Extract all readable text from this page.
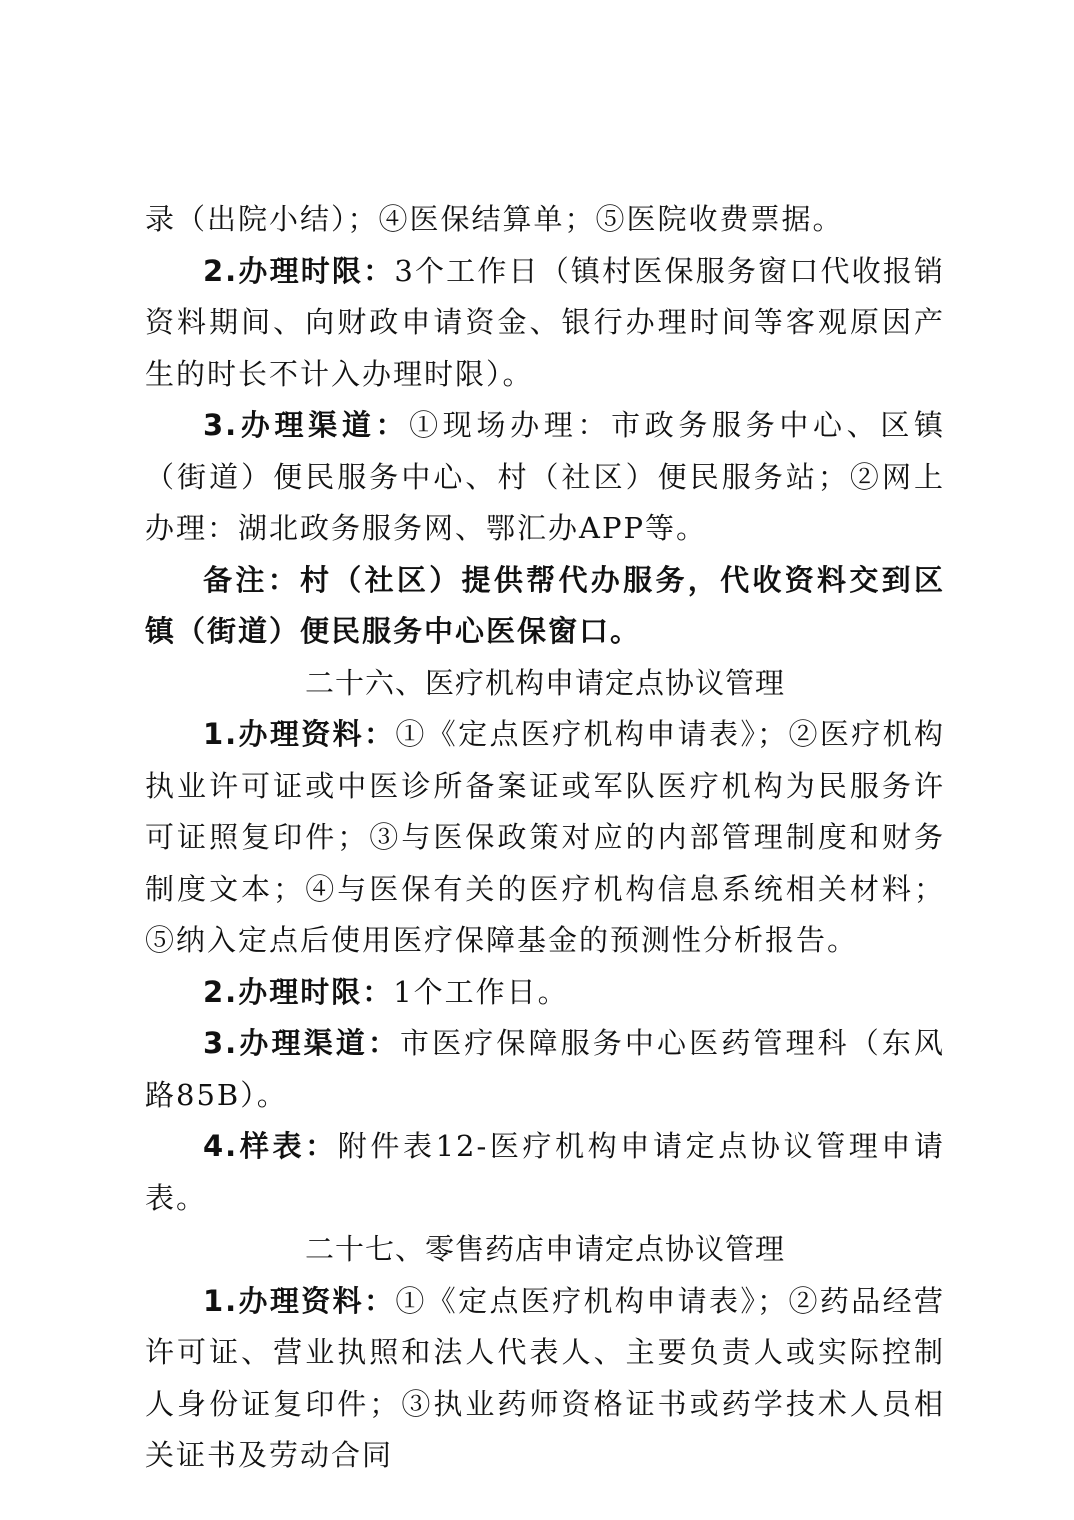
录（出院小结）；④医保结算单；⑤医院收费票据。

2.办理时限：3个工作日（镇村医保服务窗口代收报销资料期间、向财政申请资金、银行办理时间等客观原因产生的时长不计入办理时限）。

3.办理渠道：①现场办理：市政务服务中心、区镇（街道）便民服务中心、村（社区）便民服务站；②网上办理：湖北政务服务网、鄂汇办APP等。

备注：村（社区）提供帮代办服务，代收资料交到区镇（街道）便民服务中心医保窗口。

二十六、医疗机构申请定点协议管理

1.办理资料：①《定点医疗机构申请表》；②医疗机构执业许可证或中医诊所备案证或军队医疗机构为民服务许可证照复印件；③与医保政策对应的内部管理制度和财务制度文本；④与医保有关的医疗机构信息系统相关材料；⑤纳入定点后使用医疗保障基金的预测性分析报告。

2.办理时限：1个工作日。

3.办理渠道：市医疗保障服务中心医药管理科（东风路85B）。

4.样表：附件表12-医疗机构申请定点协议管理申请表。

二十七、零售药店申请定点协议管理

1.办理资料：①《定点医疗机构申请表》；②药品经营许可证、营业执照和法人代表人、主要负责人或实际控制人身份证复印件；③执业药师资格证书或药学技术人员相关证书及劳动合同
